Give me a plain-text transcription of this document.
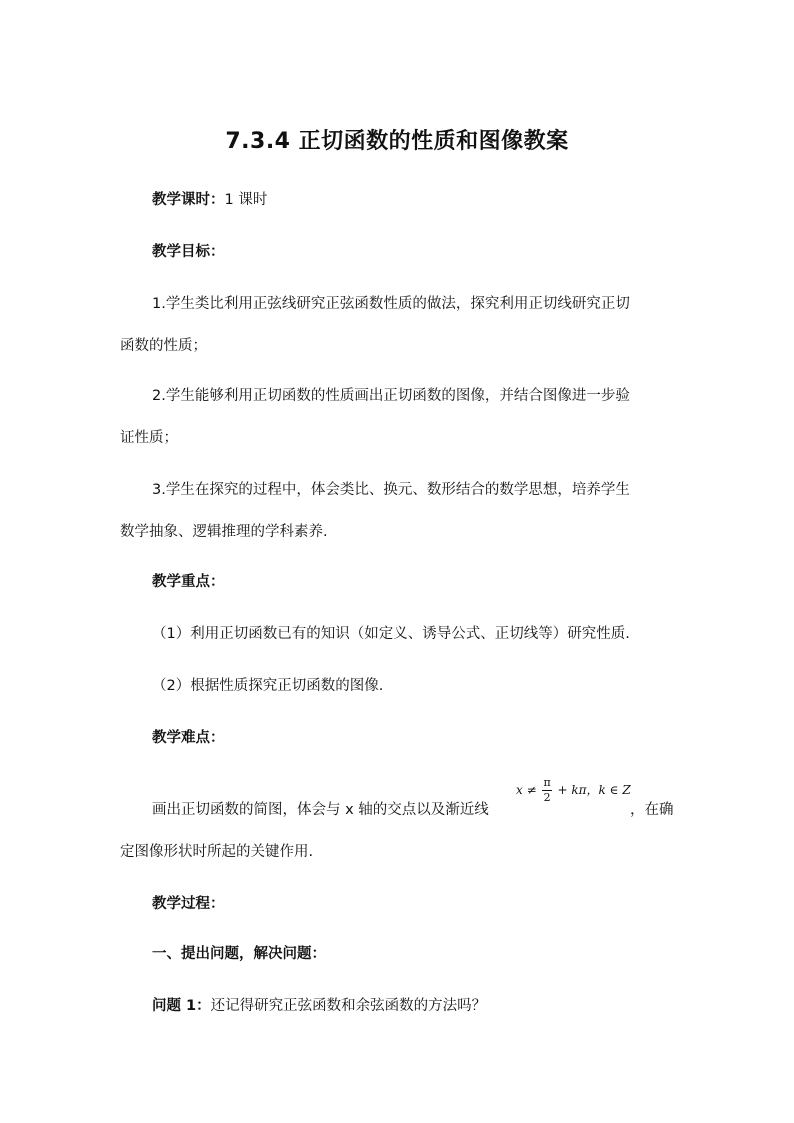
7.3.4 正切函数的性质和图像教案
教学课时：1 课时
教学目标：
1.学生类比利用正弦线研究正弦函数性质的做法，探究利用正切线研究正切
函数的性质；
2.学生能够利用正切函数的性质画出正切函数的图像，并结合图像进一步验
证性质；
3.学生在探究的过程中，体会类比、换元、数形结合的数学思想，培养学生
数学抽象、逻辑推理的学科素养.
教学重点：
（1）利用正切函数已有的知识（如定义、诱导公式、正切线等）研究性质.
（2）根据性质探究正切函数的图像.
教学难点：
画出正切函数的简图，体会与 x 轴的交点以及渐近线
$x \ne \frac{\pi}{2} + k\pi$，k ∈ Z
，在确
定图像形状时所起的关键作用.
教学过程：
一、提出问题，解决问题：
问题 1：还记得研究正弦函数和余弦函数的方法吗？
